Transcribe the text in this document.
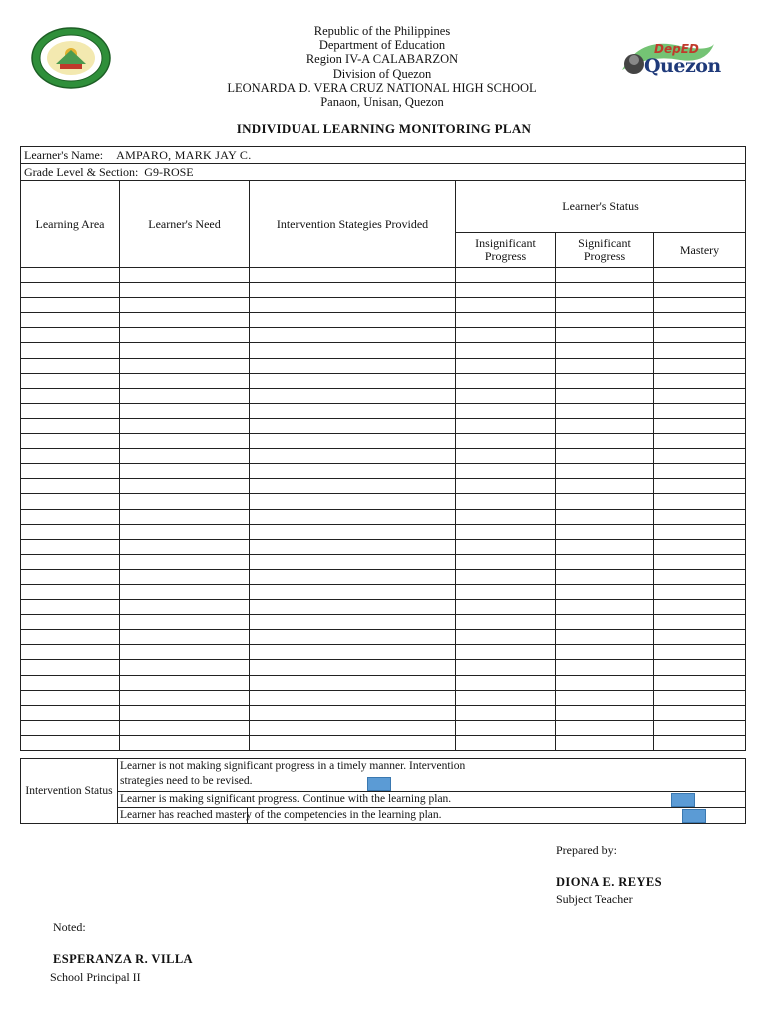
Republic of the Philippines
Department of Education
Region IV-A CALABARZON
Division of Quezon
LEONARDA D. VERA CRUZ NATIONAL HIGH SCHOOL
Panaon, Unisan, Quezon
DepED
Quezon
INDIVIDUAL LEARNING MONITORING PLAN
Learner's Name: AMPARO, MARK JAY C.					
Grade Level & Section: G9-ROSE					
Learning Area	Learner's Need	Intervention Stategies Provided	Learner's Status		
			Insignificant Progress	Significant Progress	Mastery

Intervention Status	Learner is not making significant progress in a timely manner. Intervention
strategies need to be revised.	

	Learner is making significant progress. Continue with the learning plan.	

	Learner has reached mastery of the competencies in the learning plan.	
Prepared by:
DIONA E. REYES
Subject Teacher
Noted:
ESPERANZA R. VILLA
School Principal II
